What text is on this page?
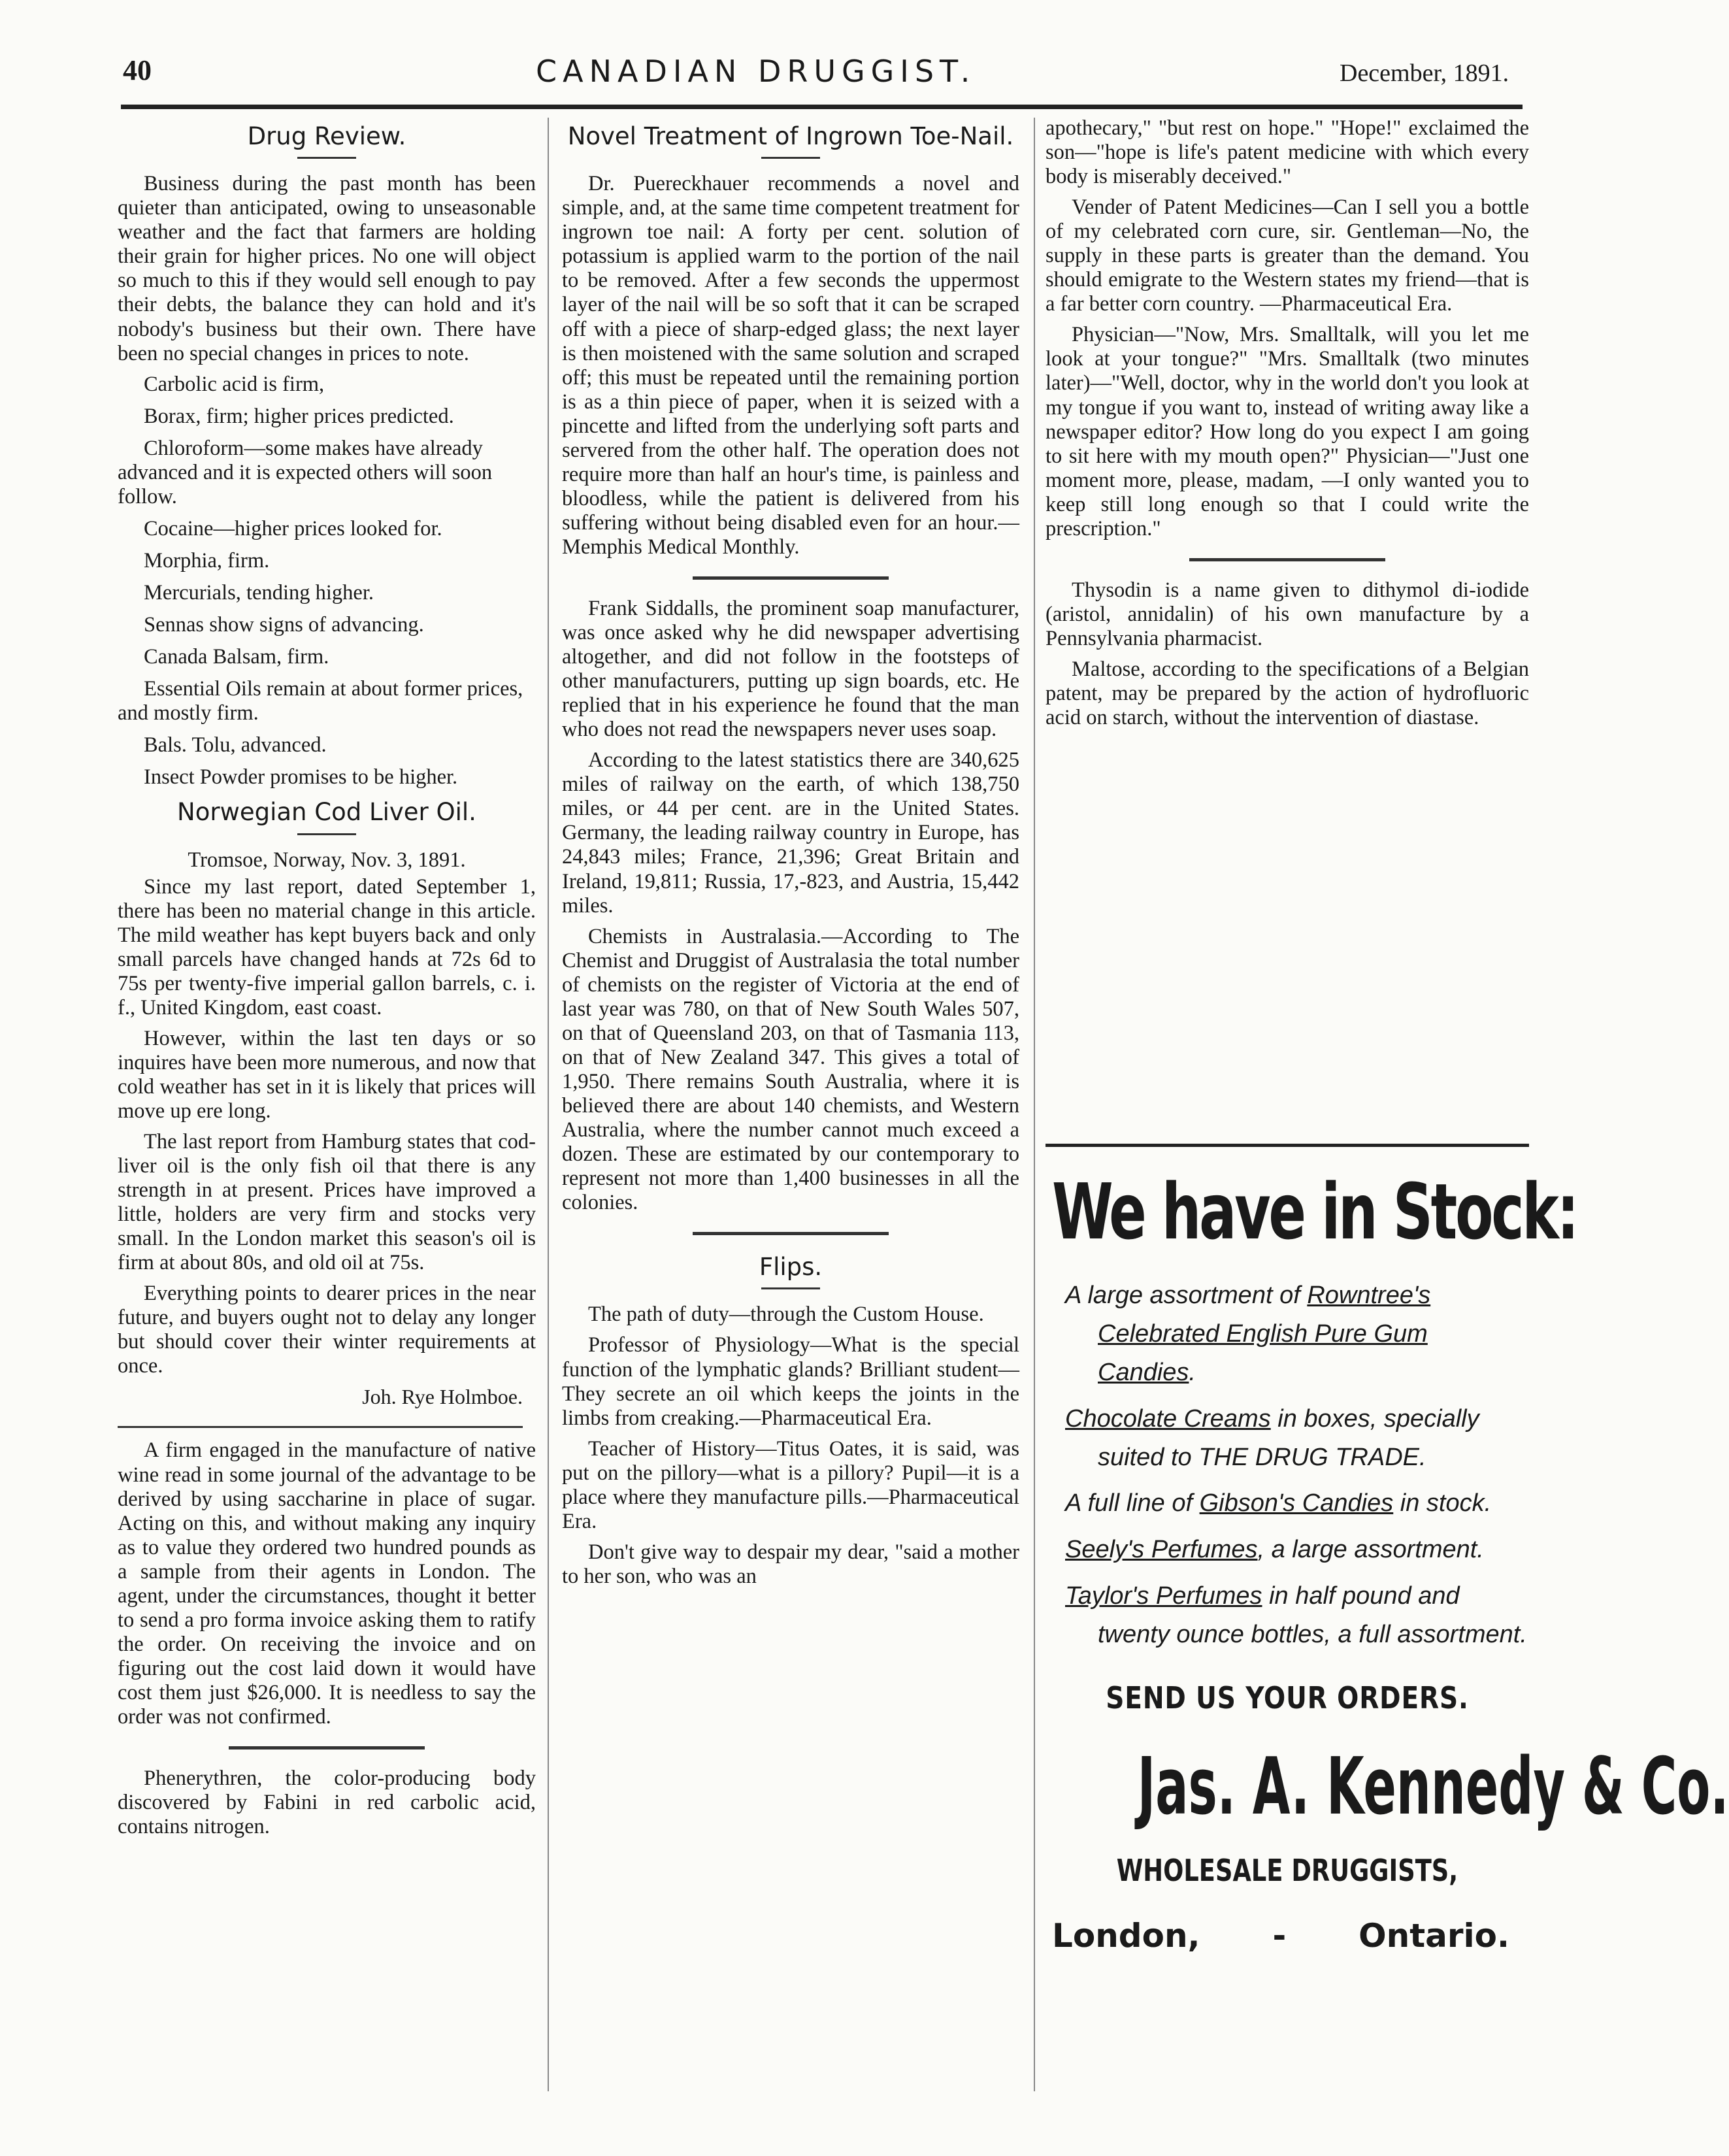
40	CANADIAN DRUGGIST.	December, 1891.
Drug Review.

Business during the past month has been quieter than anticipated, owing to unseasonable weather and the fact that farmers are holding their grain for higher prices. No one will object so much to this if they would sell enough to pay their debts, the balance they can hold and it's nobody's business but their own. There have been no special changes in prices to note.

Carbolic acid is firm,

Borax, firm; higher prices predicted.

Chloroform—some makes have already advanced and it is expected others will soon follow.

Cocaine—higher prices looked for.

Morphia, firm.

Mercurials, tending higher.

Sennas show signs of advancing.

Canada Balsam, firm.

Essential Oils remain at about former prices, and mostly firm.

Bals. Tolu, advanced.

Insect Powder promises to be higher.

Norwegian Cod Liver Oil.

Tromsoe, Norway, Nov. 3, 1891.

Since my last report, dated September 1, there has been no material change in this article. The mild weather has kept buyers back and only small parcels have changed hands at 72s 6d to 75s per twenty-five imperial gallon barrels, c. i. f., United Kingdom, east coast.

However, within the last ten days or so inquires have been more numerous, and now that cold weather has set in it is likely that prices will move up ere long.

The last report from Hamburg states that cod-liver oil is the only fish oil that there is any strength in at present. Prices have improved a little, holders are very firm and stocks very small. In the London market this season's oil is firm at about 80s, and old oil at 75s.

Everything points to dearer prices in the near future, and buyers ought not to delay any longer but should cover their winter requirements at once.

Joh. Rye Holmboe.

A firm engaged in the manufacture of native wine read in some journal of the advantage to be derived by using saccharine in place of sugar. Acting on this, and without making any inquiry as to value they ordered two hundred pounds as a sample from their agents in London. The agent, under the circumstances, thought it better to send a pro forma invoice asking them to ratify the order. On receiving the invoice and on figuring out the cost laid down it would have cost them just $26,000. It is needless to say the order was not confirmed.

Phenerythren, the color-producing body discovered by Fabini in red carbolic acid, contains nitrogen.

Novel Treatment of Ingrown Toe-Nail.

Dr. Puereckhauer recommends a novel and simple, and, at the same time competent treatment for ingrown toe nail: A forty per cent. solution of potassium is applied warm to the portion of the nail to be removed. After a few seconds the uppermost layer of the nail will be so soft that it can be scraped off with a piece of sharp-edged glass; the next layer is then moistened with the same solution and scraped off; this must be repeated until the remaining portion is as a thin piece of paper, when it is seized with a pincette and lifted from the underlying soft parts and servered from the other half. The operation does not require more than half an hour's time, is painless and bloodless, while the patient is delivered from his suffering without being disabled even for an hour.—Memphis Medical Monthly.

Frank Siddalls, the prominent soap manufacturer, was once asked why he did newspaper advertising altogether, and did not follow in the footsteps of other manufacturers, putting up sign boards, etc. He replied that in his experience he found that the man who does not read the newspapers never uses soap.

According to the latest statistics there are 340,625 miles of railway on the earth, of which 138,750 miles, or 44 per cent. are in the United States. Germany, the leading railway country in Europe, has 24,843 miles; France, 21,396; Great Britain and Ireland, 19,811; Russia, 17,-823, and Austria, 15,442 miles.

Chemists in Australasia.—According to The Chemist and Druggist of Australasia the total number of chemists on the register of Victoria at the end of last year was 780, on that of New South Wales 507, on that of Queensland 203, on that of Tasmania 113, on that of New Zealand 347. This gives a total of 1,950. There remains South Australia, where it is believed there are about 140 chemists, and Western Australia, where the number cannot much exceed a dozen. These are estimated by our contemporary to represent not more than 1,400 businesses in all the colonies.

Flips.

The path of duty—through the Custom House.

Professor of Physiology—What is the special function of the lymphatic glands? Brilliant student—They secrete an oil which keeps the joints in the limbs from creaking.—Pharmaceutical Era.

Teacher of History—Titus Oates, it is said, was put on the pillory—what is a pillory? Pupil—it is a place where they manufacture pills.—Pharmaceutical Era.

Don't give way to despair my dear, "said a mother to her son, who was an

apothecary," "but rest on hope." "Hope!" exclaimed the son—"hope is life's patent medicine with which every body is miserably deceived."

Vender of Patent Medicines—Can I sell you a bottle of my celebrated corn cure, sir. Gentleman—No, the supply in these parts is greater than the demand. You should emigrate to the Western states my friend—that is a far better corn country. —Pharmaceutical Era.

Physician—"Now, Mrs. Smalltalk, will you let me look at your tongue?" "Mrs. Smalltalk (two minutes later)—"Well, doctor, why in the world don't you look at my tongue if you want to, instead of writing away like a newspaper editor? How long do you expect I am going to sit here with my mouth open?" Physician—"Just one moment more, please, madam, —I only wanted you to keep still long enough so that I could write the prescription."

Thysodin is a name given to dithymol di-iodide (aristol, annidalin) of his own manufacture by a Pennsylvania pharmacist.

Maltose, according to the specifications of a Belgian patent, may be prepared by the action of hydrofluoric acid on starch, without the intervention of diastase.

We have in Stock:
A large assortment of Rowntree's Celebrated English Pure Gum Candies.
Chocolate Creams in boxes, specially suited to THE DRUG TRADE.
A full line of Gibson's Candies in stock.
Seely's Perfumes, a large assortment.
Taylor's Perfumes in half pound and twenty ounce bottles, a full assortment.
SEND US YOUR ORDERS.
Jas. A. Kennedy & Co.
WHOLESALE DRUGGISTS,
London, - Ontario.
